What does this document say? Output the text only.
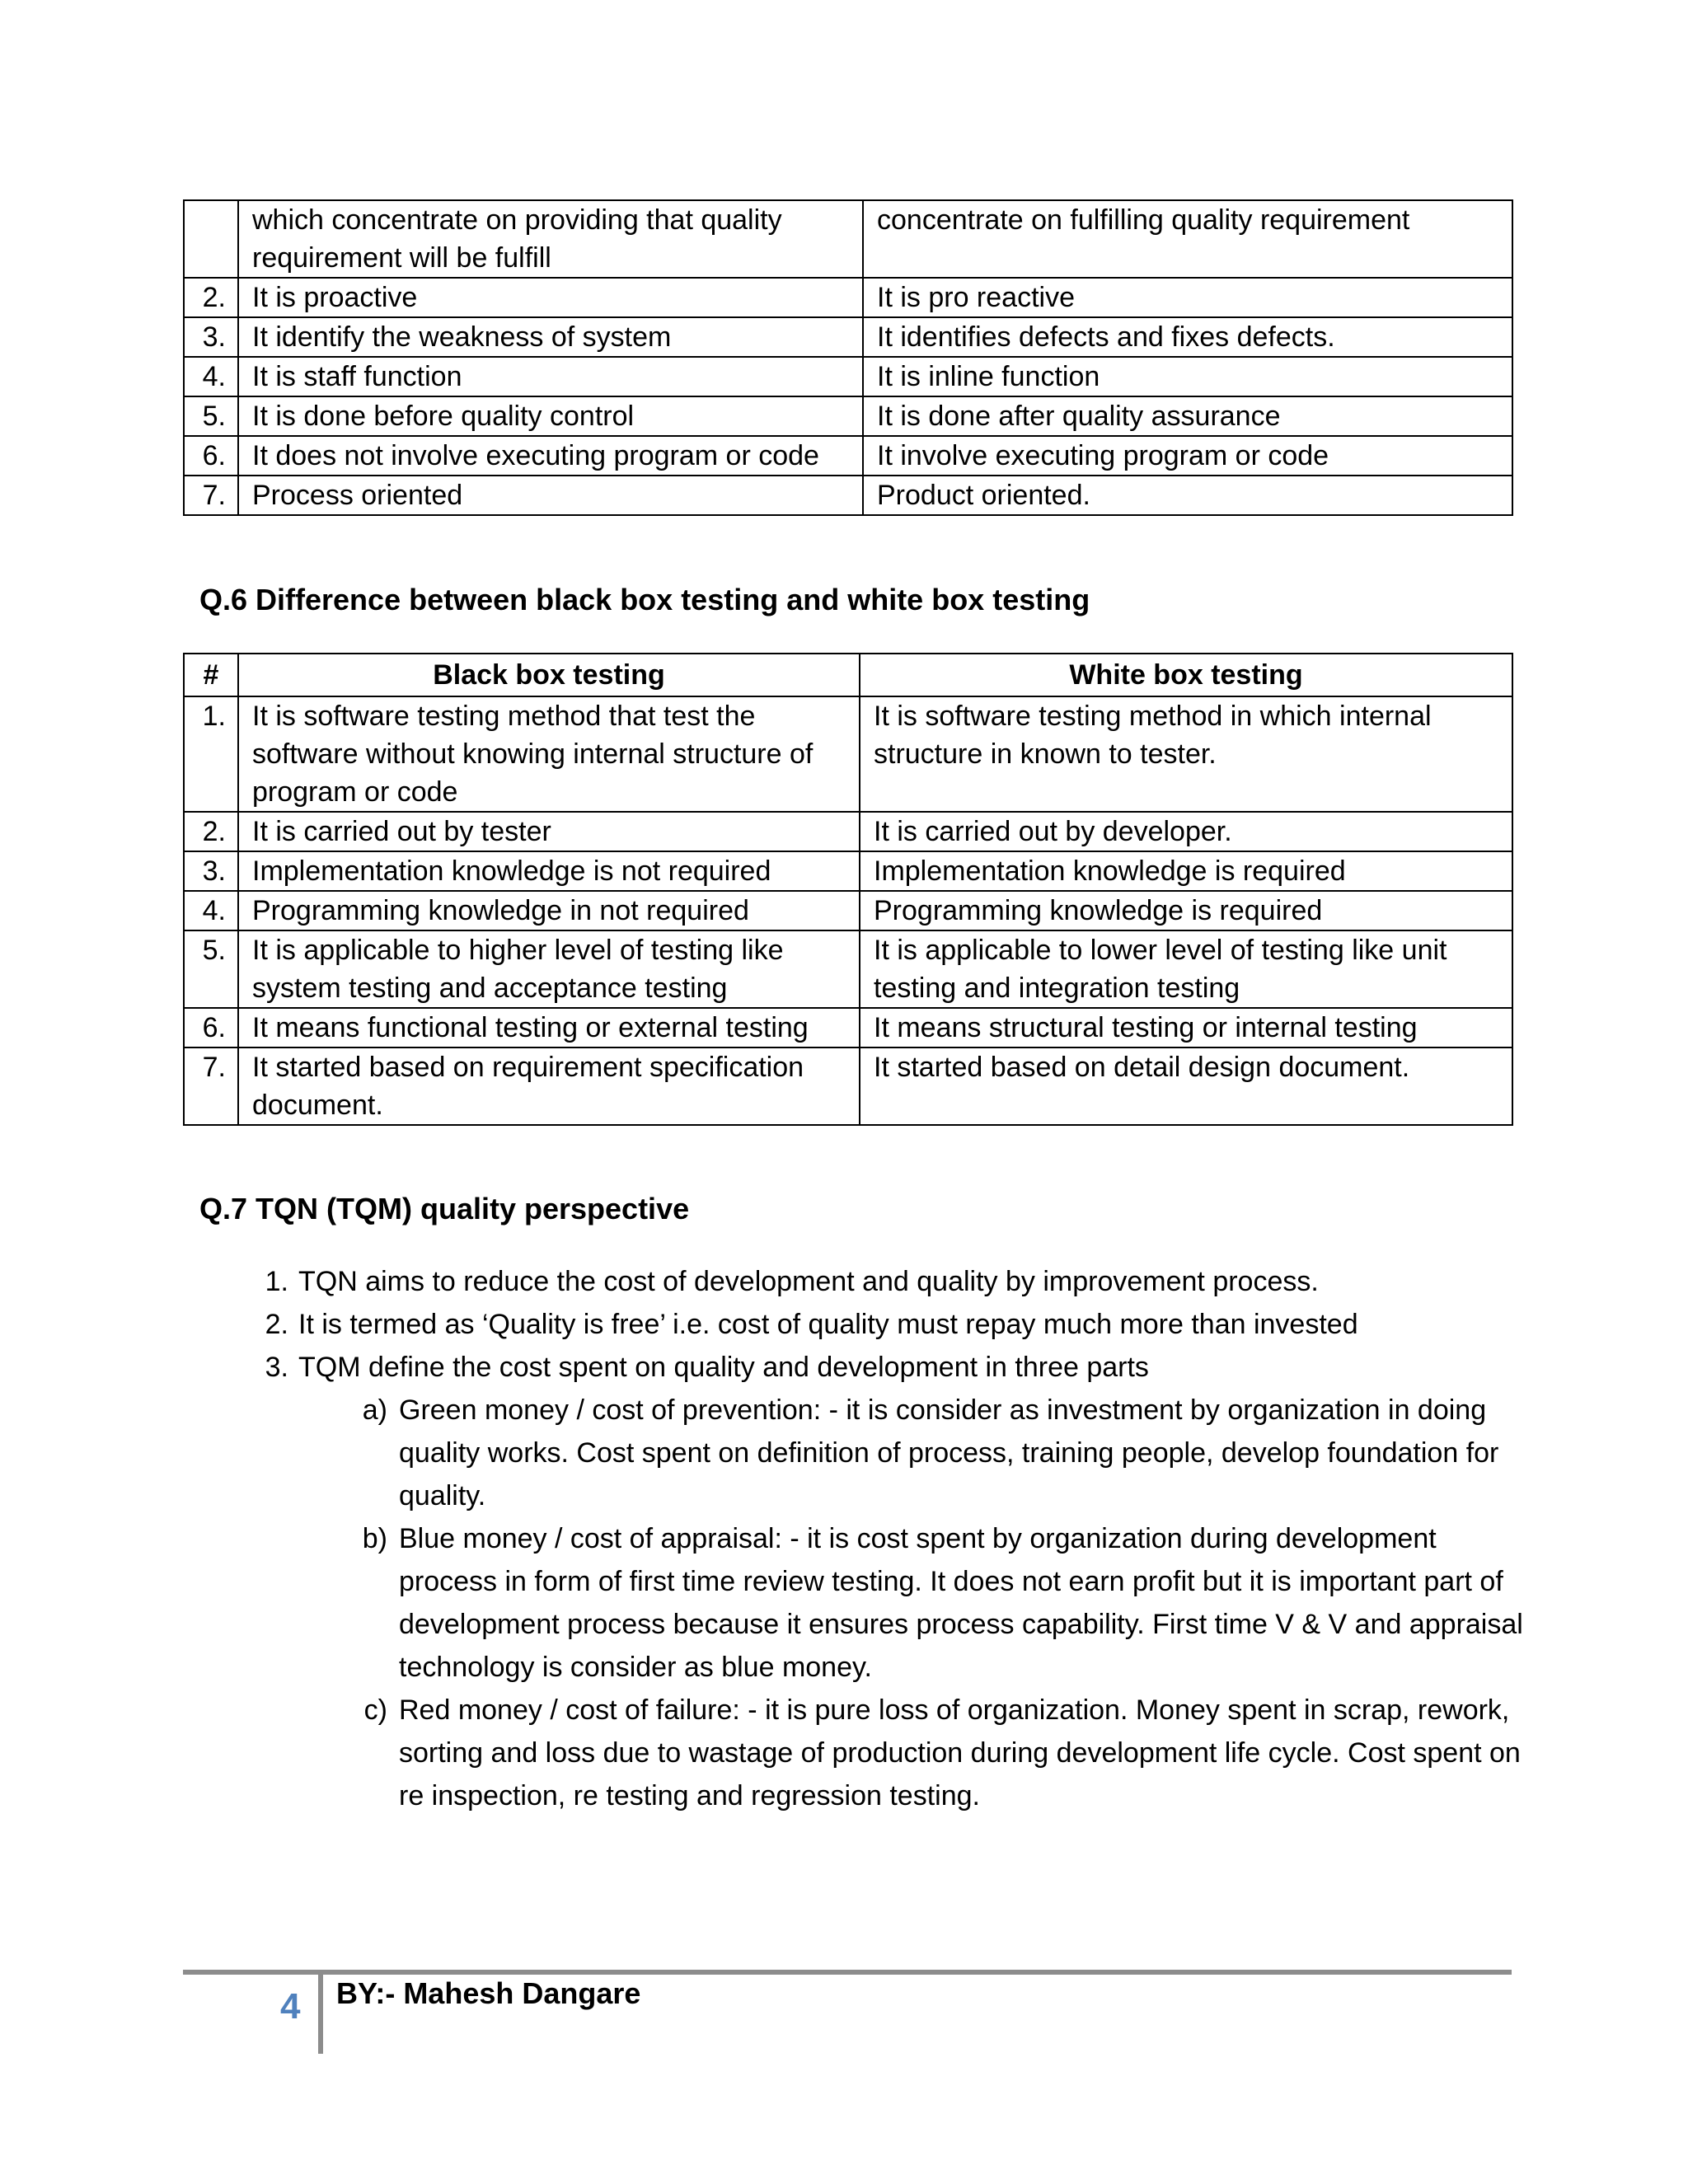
	which concentrate on providing that quality requirement will be fulfill	concentrate on fulfilling quality requirement
2.	It is proactive	It is pro reactive
3.	It identify the weakness of system	It identifies defects and fixes defects.
4.	It is staff function	It is inline function
5.	It is done before quality control	It is done after quality assurance
6.	It does not involve executing program or code	It involve executing program or code
7.	Process oriented	Product oriented.
Q.6 Difference between black box testing and white box testing
#	Black box testing	White box testing
1.	It is software testing method that test the software without knowing internal structure of program or code	It is software testing method in which internal structure in known to tester.
2.	It is carried out by tester	It is carried out by developer.
3.	Implementation knowledge is not required	Implementation knowledge is required
4.	Programming knowledge in not required	Programming knowledge is required
5.	It is applicable to higher level of testing like system testing and acceptance testing	It is applicable to lower level of testing like unit testing and integration testing
6.	It means functional testing or external testing	It means structural testing or internal testing
7.	It started based on requirement specification document.	It started based on detail design document.
Q.7 TQN (TQM) quality perspective
1. TQN aims to reduce the cost of development and quality by improvement process.
2. It is termed as ‘Quality is free’ i.e. cost of quality must repay much more than invested
3. TQM define the cost spent on quality and development in three parts
a) Green money / cost of prevention: - it is consider as investment by organization in doing quality works. Cost spent on definition of process, training people, develop foundation for quality.
b) Blue money / cost of appraisal: - it is cost spent by organization during development process in form of first time review testing. It does not earn profit but it is important part of development process because it ensures process capability. First time V & V and appraisal technology is consider as blue money.
c) Red money / cost of failure: - it is pure loss of organization. Money spent in scrap, rework, sorting and loss due to wastage of production during development life cycle. Cost spent on re inspection, re testing and regression testing.
4 BY:- Mahesh Dangare
